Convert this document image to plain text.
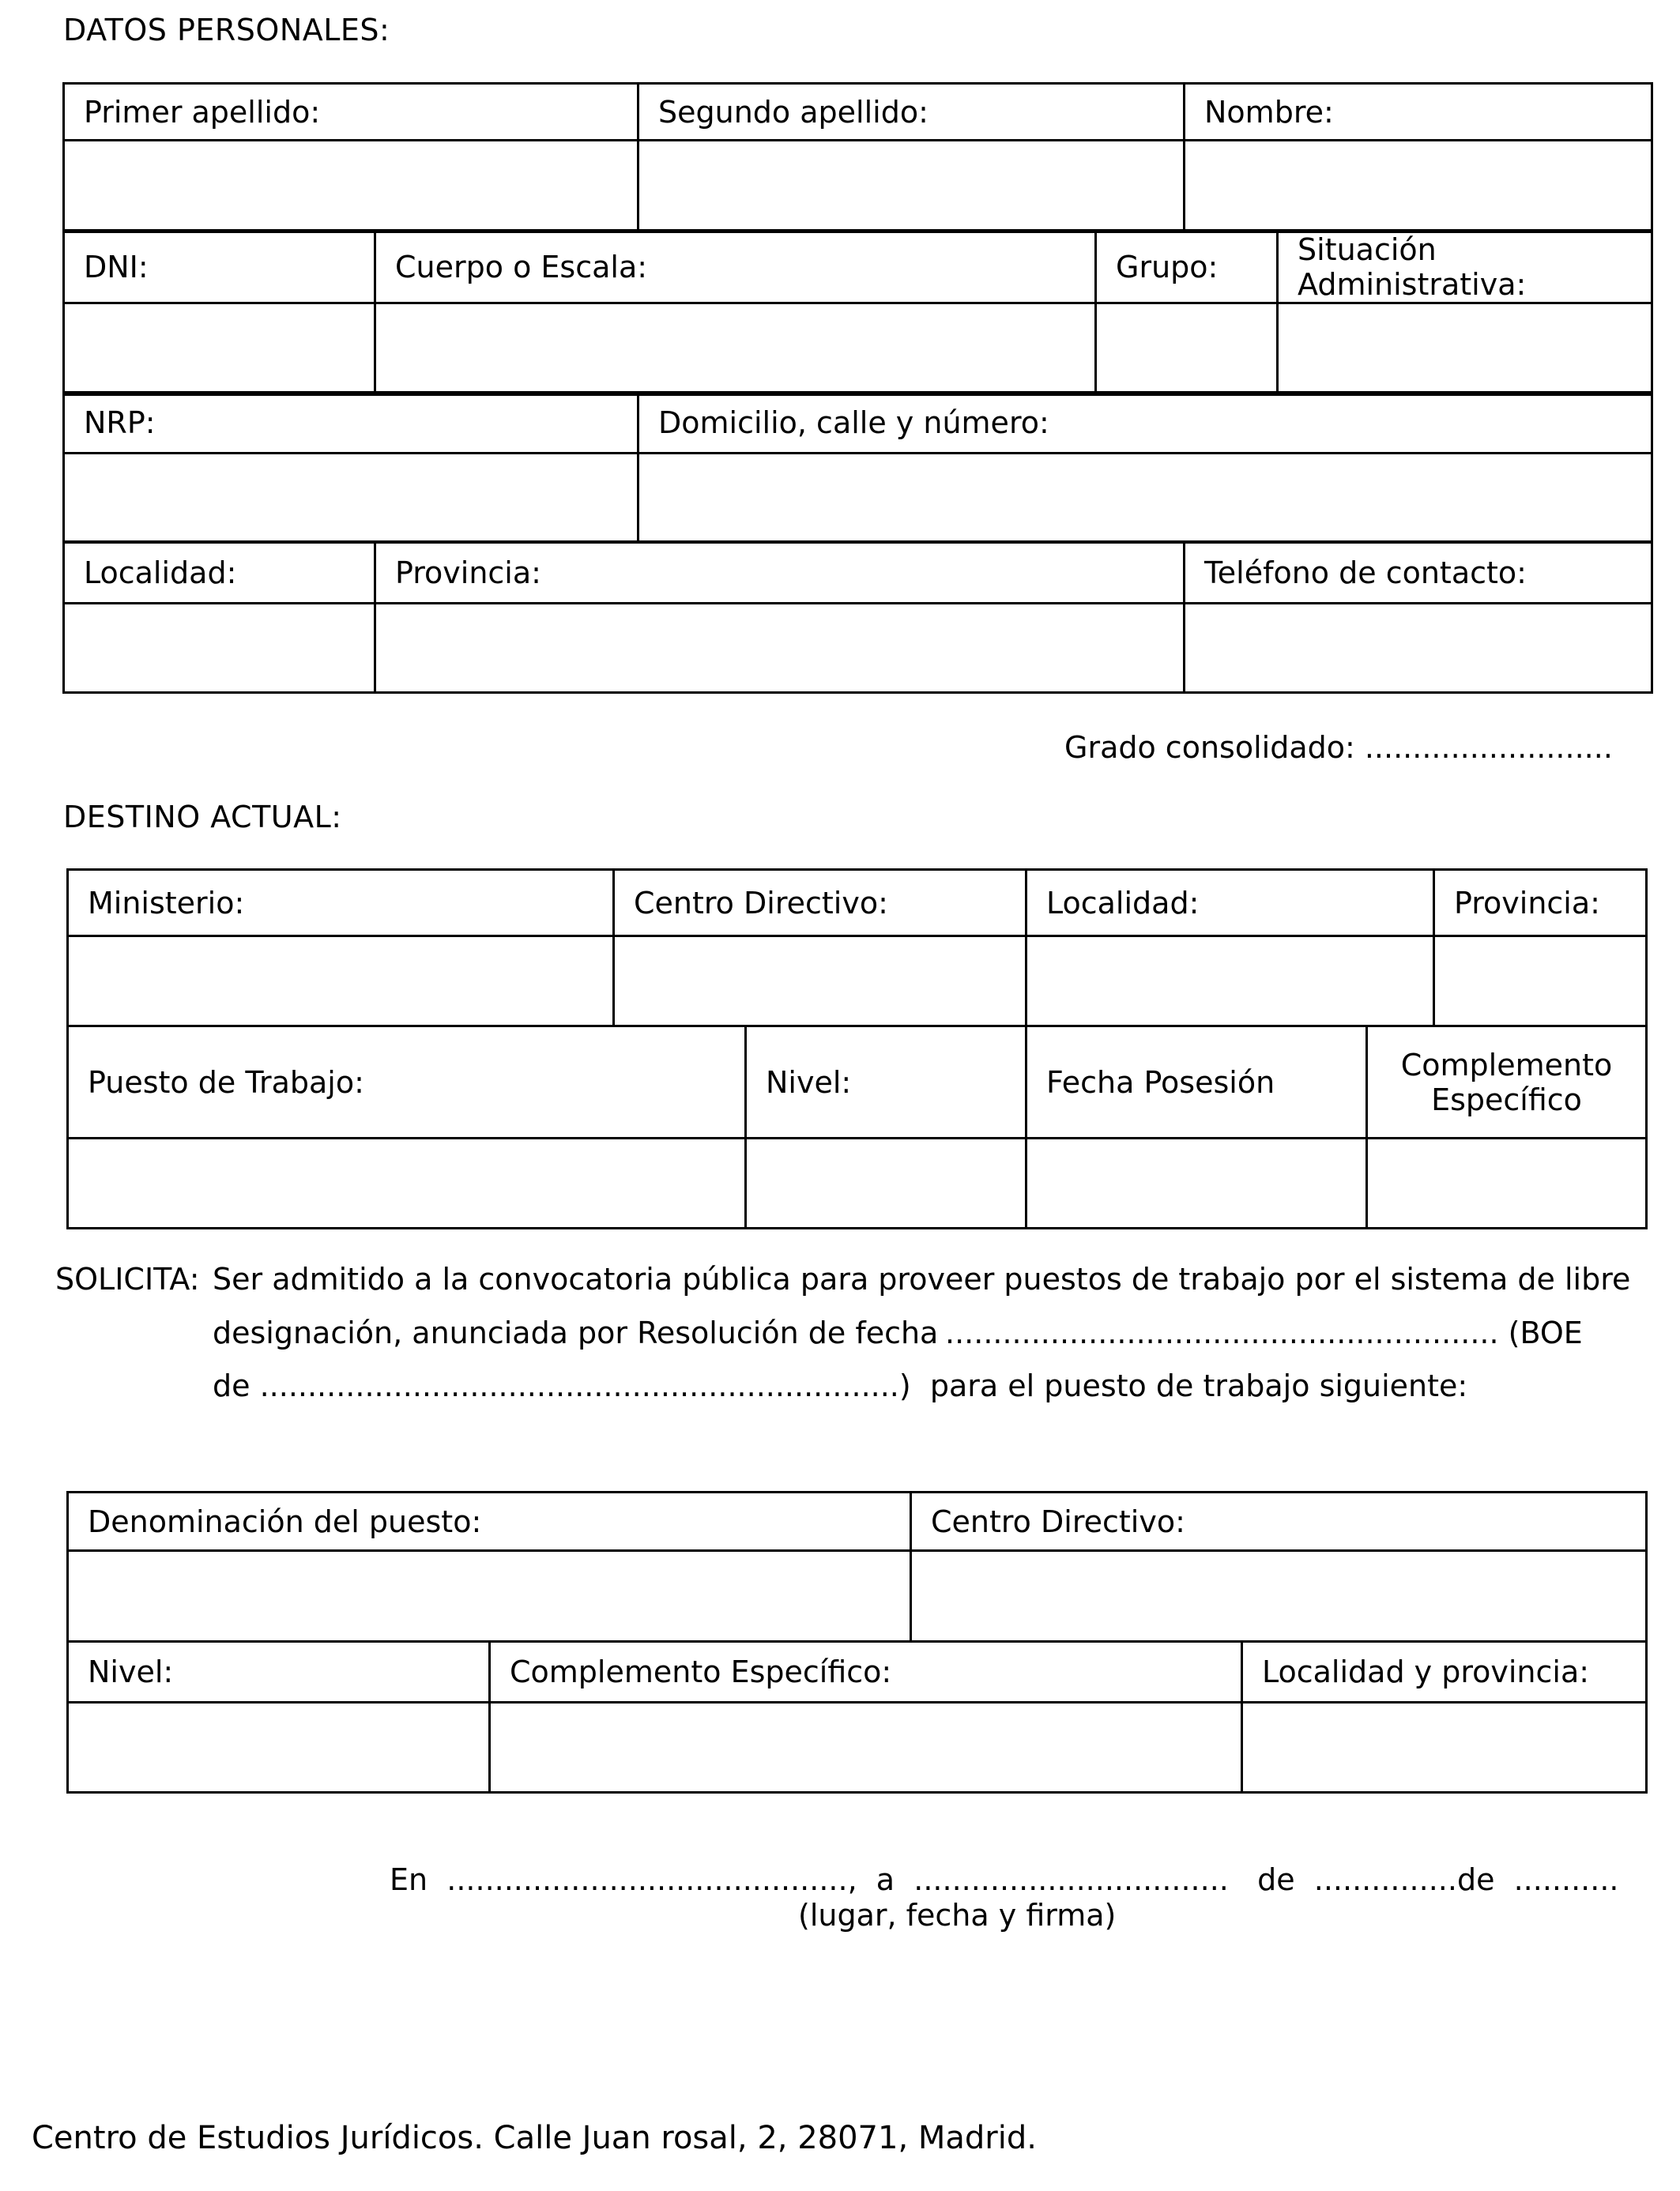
DATOS PERSONALES:
Primer apellido:	Segundo apellido:	Nombre:

DNI:	Cuerpo o Escala:	Grupo:	Situación
Administrativa:

NRP:	Domicilio, calle y número:

Localidad:	Provincia:	Teléfono de contacto:

Grado consolidado: ..........................
DESTINO ACTUAL:
Ministerio:	Centro Directivo:	Localidad:	Provincia:

Puesto de Trabajo:	Nivel:	Fecha Posesión	Complemento
Específico

SOLICITA: Ser admitido a la convocatoria pública para proveer puestos de trabajo por el sistema de libre
designación, anunciada por Resolución de fecha .......................................................... (BOE
de ...................................................................)  para el puesto de trabajo siguiente:
Denominación del puesto:	Centro Directivo:

Nivel:	Complemento Específico:	Localidad y provincia:

En  ..........................................,  a  .................................   de  ...............de  ...........
(lugar, fecha y firma)
Centro de Estudios Jurídicos. Calle Juan rosal, 2, 28071, Madrid.
